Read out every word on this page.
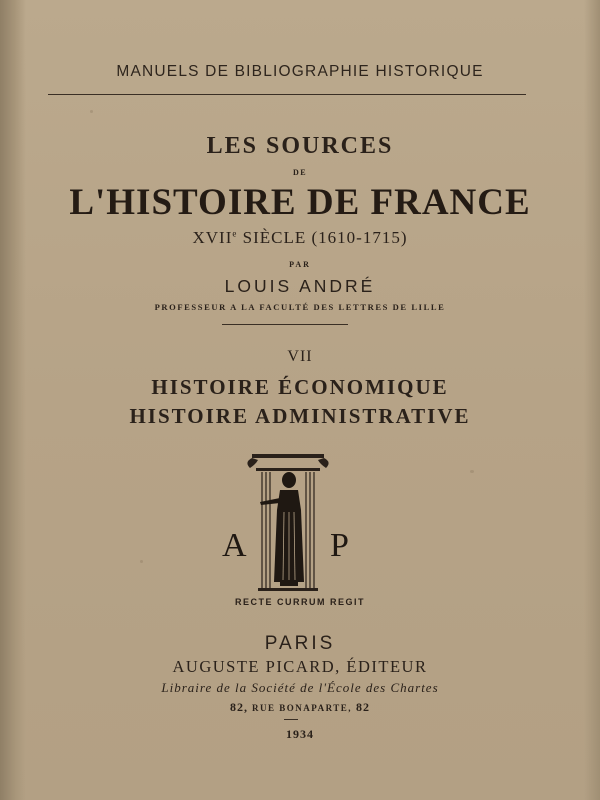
MANUELS DE BIBLIOGRAPHIE HISTORIQUE
LES SOURCES
DE
L'HISTOIRE DE FRANCE
XVIIe SIÈCLE (1610-1715)
PAR
LOUIS ANDRÉ
PROFESSEUR A LA FACULTÉ DES LETTRES DE LILLE
VII
HISTOIRE ÉCONOMIQUE
HISTOIRE ADMINISTRATIVE
A P
RECTE CURRUM REGIT
PARIS
AUGUSTE PICARD, ÉDITEUR
Libraire de la Société de l'École des Chartes
82, RUE BONAPARTE, 82
1934
